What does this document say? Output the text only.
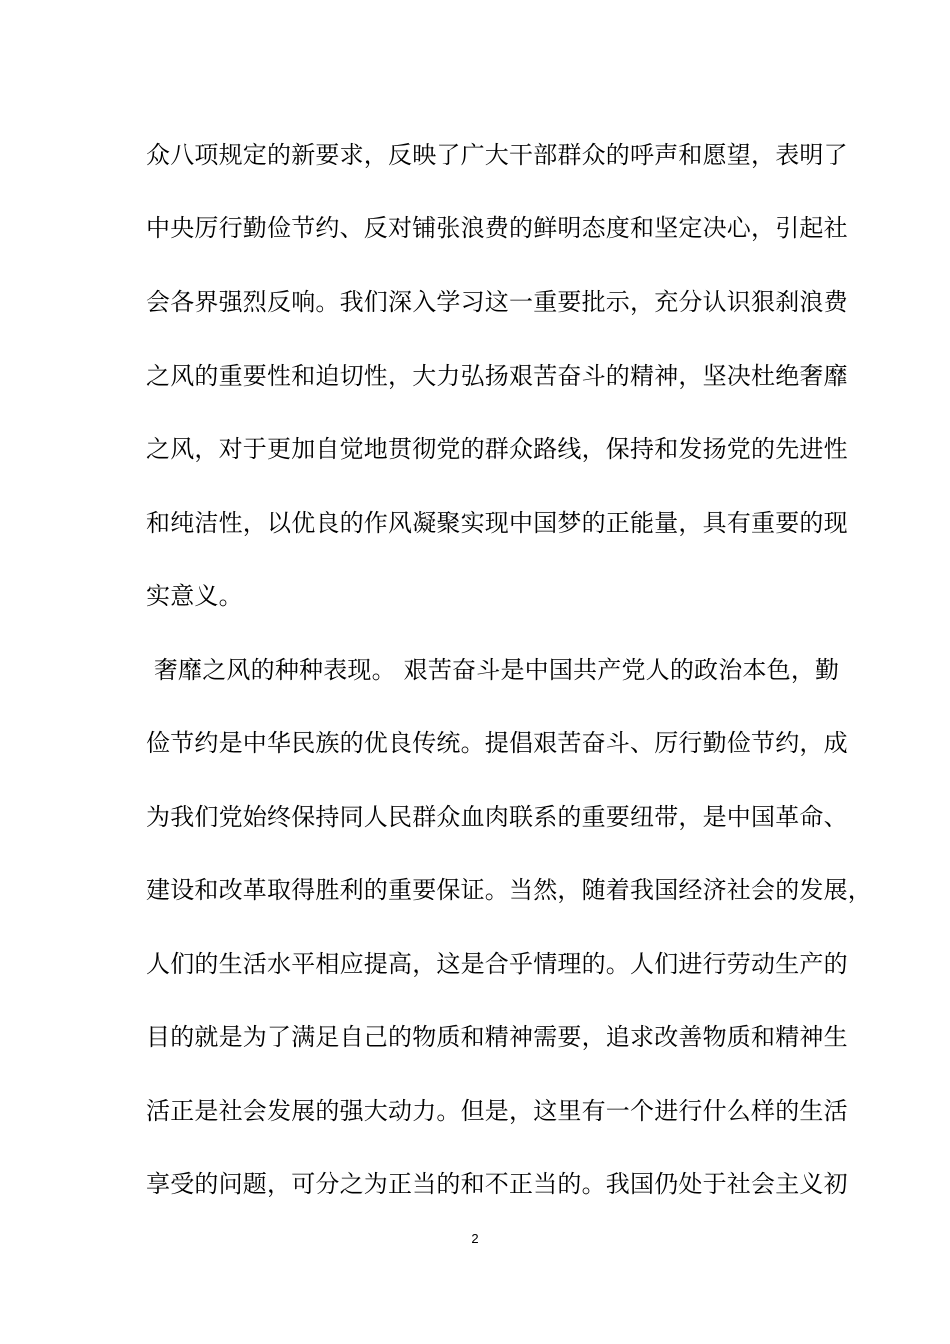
众八项规定的新要求，反映了广大干部群众的呼声和愿望，表明了
中央厉行勤俭节约、反对铺张浪费的鲜明态度和坚定决心，引起社
会各界强烈反响。我们深入学习这一重要批示，充分认识狠刹浪费
之风的重要性和迫切性，大力弘扬艰苦奋斗的精神，坚决杜绝奢靡
之风，对于更加自觉地贯彻党的群众路线，保持和发扬党的先进性
和纯洁性，以优良的作风凝聚实现中国梦的正能量，具有重要的现
实意义。
奢靡之风的种种表现。 艰苦奋斗是中国共产党人的政治本色，勤
俭节约是中华民族的优良传统。提倡艰苦奋斗、厉行勤俭节约，成
为我们党始终保持同人民群众血肉联系的重要纽带，是中国革命、
建设和改革取得胜利的重要保证。当然，随着我国经济社会的发展，
人们的生活水平相应提高，这是合乎情理的。人们进行劳动生产的
目的就是为了满足自己的物质和精神需要，追求改善物质和精神生
活正是社会发展的强大动力。但是，这里有一个进行什么样的生活
享受的问题，可分之为正当的和不正当的。我国仍处于社会主义初
2
